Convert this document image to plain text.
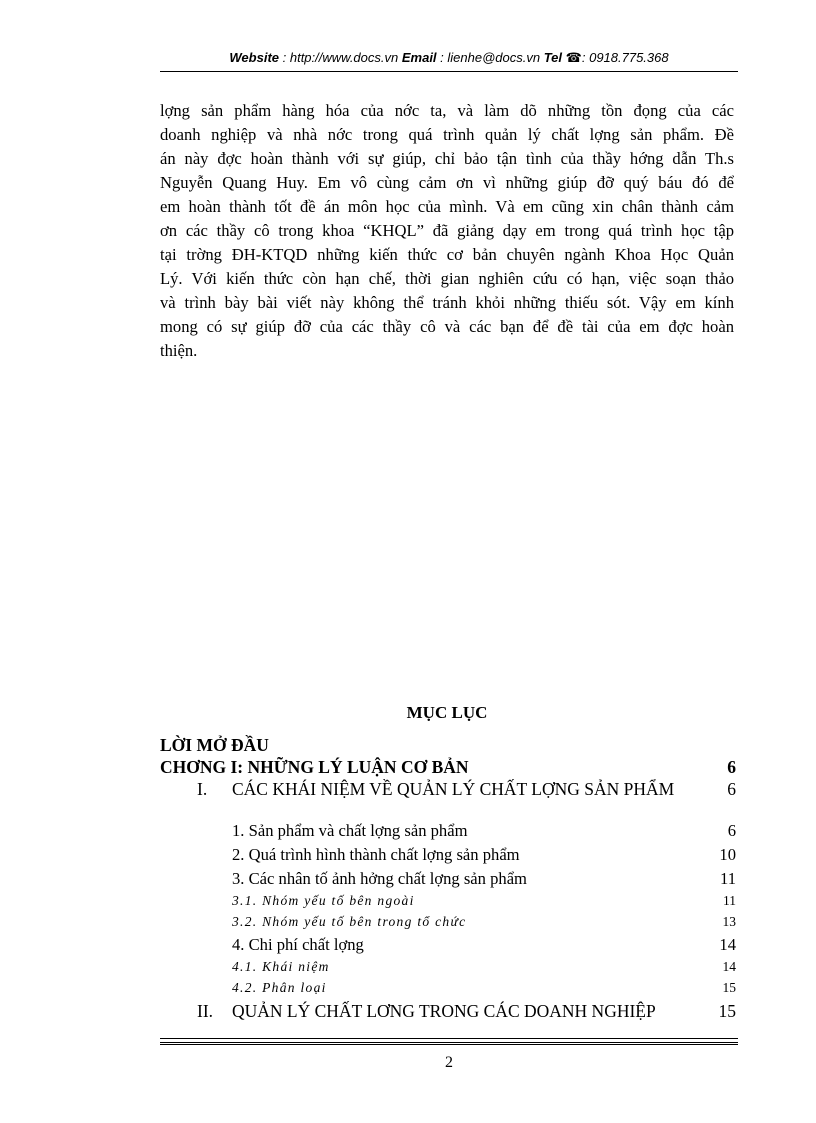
Website : http://www.docs.vn Email : lienhe@docs.vn Tel ☎: 0918.775.368
lợng sản phẩm hàng hóa của nớc ta, và làm dõ những tồn đọng của các
doanh nghiệp và nhà nớc trong quá trình quản lý chất lợng sản phẩm. Đề
án này đợc hoàn thành với sự giúp, chỉ bảo tận tình của thầy hớng dẫn Th.s
Nguyễn Quang Huy. Em vô cùng cảm ơn vì những giúp đỡ quý báu đó để
em hoàn thành tốt đề án môn học của mình. Và em cũng xin chân thành cảm
ơn các thầy cô trong khoa “KHQL” đã giảng dạy em trong quá trình học tập
tại trờng ĐH-KTQD những kiến thức cơ bản chuyên ngành Khoa Học Quản
Lý. Với kiến thức còn hạn chế, thời gian nghiên cứu có hạn, việc soạn thảo
và trình bày bài viết này không thể tránh khỏi những thiếu sót. Vậy em kính
mong có sự giúp đỡ của các thầy cô và các bạn để đề tài của em đợc hoàn
thiện.
MỤC LỤC
LỜI MỞ ĐẦU
CHƠNG I: NHỮNG LÝ LUẬN CƠ BẢN	6
I. CÁC KHÁI NIỆM VỀ QUẢN LÝ CHẤT LỢNG SẢN PHẨM	6
1. Sản phẩm và chất lợng sản phẩm	6
2. Quá trình hình thành chất lợng sản phẩm	10
3. Các nhân tố ảnh hởng chất lợng sản phẩm	11
3.1. Nhóm yếu tố bên ngoài	11
3.2. Nhóm yếu tố bên trong tổ chức	13
4. Chi phí chất lợng	14
4.1. Khái niệm	14
4.2. Phân loại	15
II. QUẢN LÝ CHẤT LƠNG TRONG CÁC DOANH NGHIỆP	15
2
